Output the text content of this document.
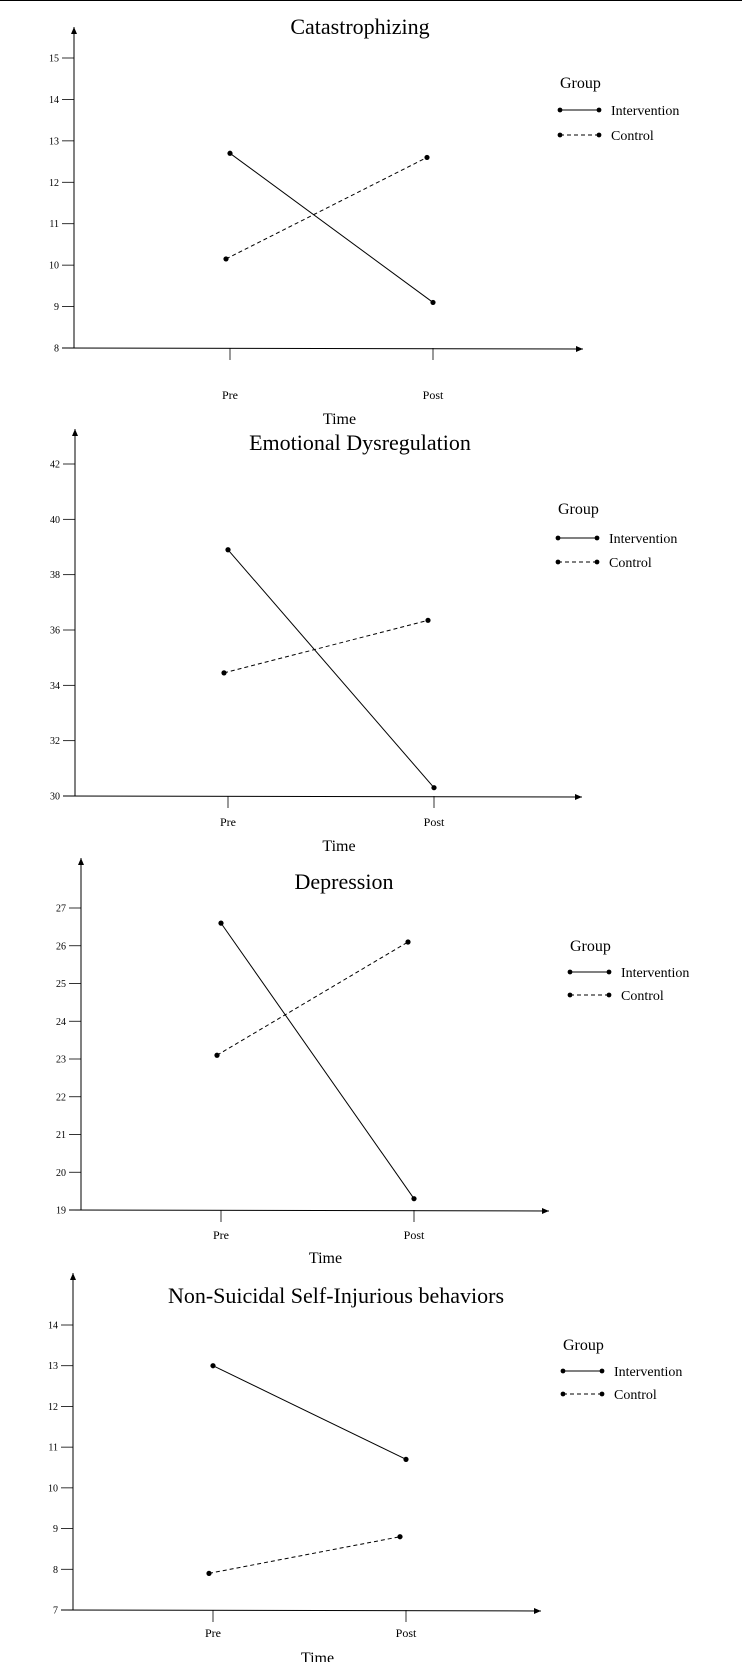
8
9
10
11
12
13
14
15
Pre	Post
Catastrophizing
Time
Group
Intervention
Control
30
32
34
36
38
40
42
Pre	Post
Emotional Dysregulation
Time
Group
Intervention
Control
19
20
21
22
23
24
25
26
27
Pre	Post
Depression
Time
Group
Intervention
Control
7
8
9
10
11
12
13
14
Pre	Post
Non-Suicidal Self-Injurious behaviors
Time
Group
Intervention
Control
